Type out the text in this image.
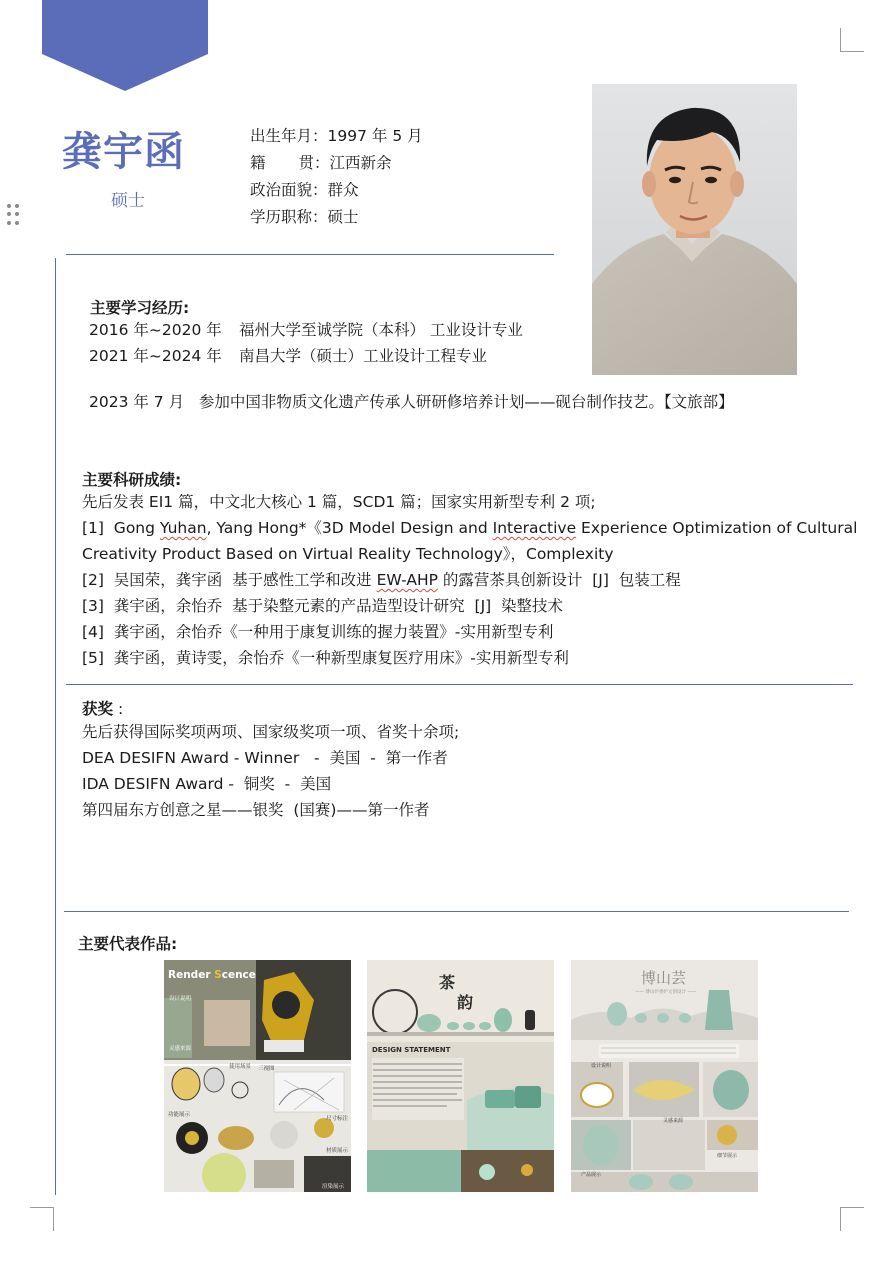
龚宇函
硕士
出生年月： 1997 年 5 月
籍 贯 ： 江西新余
政治面貌： 群众
学历职称： 硕士
主要学习经历:
2016 年~2020 年	福州大学至诚学院（本科） 工业设计专业
2021 年~2024 年	南昌大学（硕士）工业设计工程专业
2023 年 7 月   参加中国非物质文化遗产传承人研研修培养计划——砚台制作技艺。【文旅部】
主要科研成绩:
先后发表 EI1 篇，中文北大核心 1 篇，SCD1 篇；国家实用新型专利 2 项;
[1]  Gong Yuhan, Yang Hong*《3D Model Design and Interactive Experience Optimization of Cultural
Creativity Product Based on Virtual Reality Technology》，Complexity
[2]  吴国荣，龚宇函  基于感性工学和改进 EW-AHP 的露营茶具创新设计  [J]  包装工程
[3]  龚宇函，余怡乔  基于染整元素的产品造型设计研究  [J]  染整技术
[4]  龚宇函，余怡乔《一种用于康复训练的握力装置》-实用新型专利
[5]  龚宇函，黄诗雯，余怡乔《一种新型康复医疗用床》-实用新型专利
获奖 :
先后获得国际奖项两项、国家级奖项一项、省奖十余项;
DEA DESIFN Award - Winner   -  美国  -  第一作者
IDA DESIFN Award -  铜奖  -  美国
第四届东方创意之星——银奖  (国赛)——第一作者
主要代表作品:
Render Scence
设计说明
灵感来源
功能展示
三视图
尺寸标注
材质展示
使用场景
渲染展示
茶
韵
DESIGN STATEMENT
博山芸
—— 博山炉香炉文创设计 ——
设计说明
灵感来源
细节展示
产品展示
